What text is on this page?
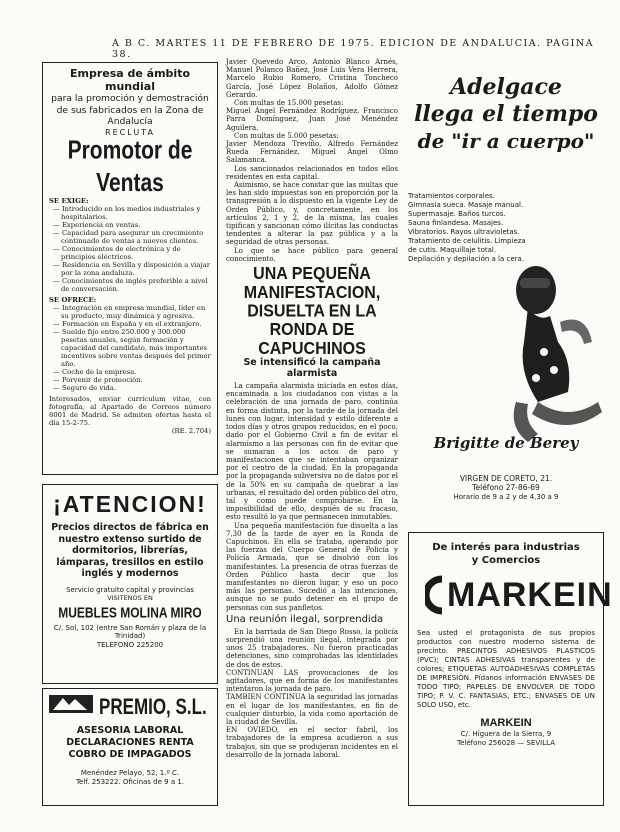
A B C. MARTES 11 DE FEBRERO DE 1975. EDICION DE ANDALUCIA. PAGINA 38.
Empresa de ámbito mundial
para la promoción y demostración de sus fabricados en la Zona de Andalucía
RECLUTA
Promotor de Ventas
SE EXIGE:
— Introducido en los medios industriales y hospitalarios.
— Experiencia en ventas.
— Capacidad para asegurar un crecimiento continuado de ventas a nuevos clientes.
— Conocimientos de electrónica y de principios eléctricos.
— Residencia en Sevilla y disposición a viajar por la zona andaluza.
— Conocimientos de inglés preferible a nivel de conversación.
SE OFRECE:
— Integración en empresa mundial, líder en su producto, muy dinámica y agresiva.
— Formación en España y en el extranjero.
— Sueldo fijo entre 250.000 y 300.000 pesetas anuales, según formación y capacidad del candidato, más importantes incentivos sobre ventas después del primer año.
— Coche de la empresa.
— Porvenir de promoción.
— Seguro de vida.
Interesados, enviar currículum vitae, con fotografía, al Apartado de Correos número 8001 de Madrid. Se admiten ofertas hasta el día 15-2-75.
(RE. 2.704)
¡ATENCION!
Precios directos de fábrica en nuestro extenso surtido de dormitorios, librerías, lámparas, tresillos en estilo inglés y modernos
Servicio gratuito capital y provincias
VISITENOS EN
MUEBLES MOLINA MIRO
C/. Sol, 102 (entre San Román y plaza de la Trinidad)
TELEFONO 225200
PREMIO, S.L.
ASESORIA LABORAL
DECLARACIONES RENTA
COBRO DE IMPAGADOS
Menéndez Pelayo, 52, 1.º C.
Telf. 253222. Oficinas de 9 a 1.
Javier Quevedo Arco, Antonio Blanco Arnés, Manuel Polanco Bañez, José Luis Vera Herrera, Marcelo Rubio Romero, Cristina Toncheco García, José López Bolaños, Adolfo Gómez Gerardo.
Con multas de 15.000 pesetas:
Miguel Ángel Fernández Rodríguez, Francisco Parra Domínguez, Juan José Menéndez Aguilera.
Con multas de 5.000 pesetas:
Javier Mendoza Treviño, Alfredo Fernández Rueda Fernández, Miguel Ángel Olmo Salamanca.
Los sancionados relacionados en todos ellos residentes en esta capital.
Asimismo, se hace constar que las multas que les han sido impuestas son en proporción por la transgresión a lo dispuesto en la vigente Ley de Orden Público, y, concretamente, en los artículos 2, 1 y 2, de la misma, las cuales tipifican y sancionan cómo ilícitas las conductas tendentes a alterar la paz pública y a la seguridad de otras personas.
Lo que se hace público para general conocimiento.
UNA PEQUEÑA MANIFESTACION, DISUELTA EN LA RONDA DE CAPUCHINOS
Se intensificó la campaña alarmista
La campaña alarmista iniciada en estos días, encaminada a los ciudadanos con vistas a la celebración de una jornada de paro, continúa en forma distinta, por la tarde de la jornada del lunes con lugar, intensidad y estilo diferente a todos días y otros grupos reducidos, en el poco, dado por el Gobierno Civil a fin de evitar el alarmismo a las personas con fin de evitar que se sumaran a los actos de paro y manifestaciones que se intentaban organizar por el centro de la ciudad. En la propaganda por la propaganda subversiva no de datos por el de la 50% en su campaña de quebrar a las urbanas, el resultado del orden público del otro, tal y como puede comprobarse. En la imposibilidad de ello, después de su fracaso, esto resultó lo ya que permanecen inmutables.
Una pequeña manifestación fue disuelta a las 7,30 de la tarde de ayer en la Ronda de Capuchinos. En ella se trataba, operando por las fuerzas del Cuerpo General de Policía y Policía Armada, que se disolvió con los manifestantes. La presencia de otras fuerzas de Orden Público hasta decir que los manifestantes no dieron lugar, y eso un poco más las personas. Sucedió a las intenciones, aunque no se pudo detener en el grupo de personas con sus panfletos.
Una reunión ilegal, sorprendida
En la barriada de San Diego Rosso, la policía sorprendió una reunión ilegal, integrada por unos 25 trabajadores. No fueron practicadas detenciones, sino comprobadas las identidades de dos de estos.
CONTINUAN LAS provocaciones de los agitadores, que en forma de los manifestantes intentaron la jornada de paro.
TAMBIEN CONTINUA la seguridad las jornadas en el lugar de los manifestantes, en fin de cualquier disturbio, la vida como aportación de la ciudad de Sevilla.
EN OVIEDO, en el sector fabril, los trabajadores de la empresa acudieron a sus trabajos, sin que se produjeran incidentes en el desarrollo de la jornada laboral.
Adelgace
llega el tiempo
de "ir a cuerpo"
Tratamientos corporales. Gimnasia sueca. Masaje manual. Supermasaje. Baños turcos. Sauna finlandesa. Masajes. Vibratorios. Rayos ultravioletas. Tratamiento de celulitis. Limpieza de cutis. Maquillaje total. Depilación y depilación a la cera.
Brigitte de Berey
VIRGEN DE CORETO, 21.
Teléfono 27-86-69
Horario de 9 a 2 y de 4,30 a 9
De interés para industrias
y Comercios
MARKEIN
Sea usted el protagonista de sus propios productos con nuestro moderno sistema de precinto. PRECINTOS ADHESIVOS PLASTICOS (PVC); CINTAS ADHESIVAS transparentes y de colores; ETIQUETAS AUTOADHESIVAS COMPLETAS DE IMPRESIÓN. Pídanos información ENVASES DE TODO TIPO; PAPELES DE ENVOLVER DE TODO TIPO; P. V. C. FANTASIAS, ETC.; ENVASES DE UN SOLO USO, etc.
MARKEIN
C/. Higuera de la Sierra, 9
Teléfono 256028 — SEVILLA
